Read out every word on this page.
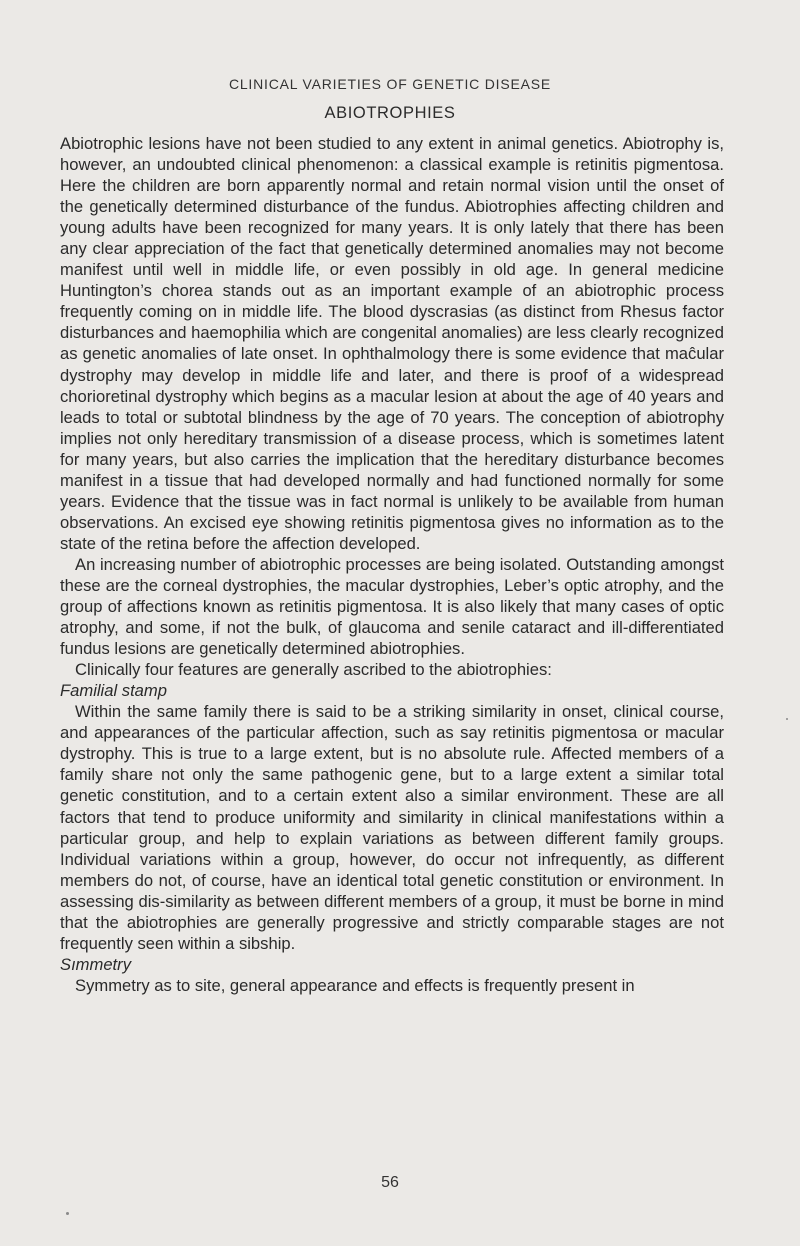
CLINICAL VARIETIES OF GENETIC DISEASE
ABIOTROPHIES

Abiotrophic lesions have not been studied to any extent in animal genetics. Abiotrophy is, however, an undoubted clinical phenomenon: a classical example is retinitis pigmentosa. Here the children are born apparently normal and retain normal vision until the onset of the genetically determined disturbance of the fundus. Abiotrophies affecting children and young adults have been recognized for many years. It is only lately that there has been any clear appreciation of the fact that genetically determined anomalies may not become manifest until well in middle life, or even possibly in old age. In general medicine Huntington’s chorea stands out as an important example of an abiotrophic process frequently coming on in middle life. The blood dyscrasias (as distinct from Rhesus factor disturbances and haemophilia which are congenital anomalies) are less clearly recognized as genetic anomalies of late onset. In ophthalmology there is some evidence that maĉular dystrophy may develop in middle life and later, and there is proof of a widespread chorioretinal dystrophy which begins as a macular lesion at about the age of 40 years and leads to total or subtotal blindness by the age of 70 years. The conception of abiotrophy implies not only hereditary transmission of a disease process, which is sometimes latent for many years, but also carries the implication that the hereditary disturbance becomes manifest in a tissue that had developed normally and had functioned normally for some years. Evidence that the tissue was in fact normal is unlikely to be available from human observations. An excised eye showing retinitis pigmentosa gives no information as to the state of the retina before the affection developed.

An increasing number of abiotrophic processes are being isolated. Outstanding amongst these are the corneal dystrophies, the macular dystrophies, Leber’s optic atrophy, and the group of affections known as retinitis pigmentosa. It is also likely that many cases of optic atrophy, and some, if not the bulk, of glaucoma and senile cataract and ill-differentiated fundus lesions are genetically determined abiotrophies.

Clinically four features are generally ascribed to the abiotrophies:

Familial stamp

Within the same family there is said to be a striking similarity in onset, clinical course, and appearances of the particular affection, such as say retinitis pigmentosa or macular dystrophy. This is true to a large extent, but is no absolute rule. Affected members of a family share not only the same pathogenic gene, but to a large extent a similar total genetic constitution, and to a certain extent also a similar environment. These are all factors that tend to produce uniformity and similarity in clinical manifestations within a particular group, and help to explain variations as between different family groups. Individual variations within a group, however, do occur not infrequently, as different members do not, of course, have an identical total genetic constitution or environment. In assessing dis-similarity as between different members of a group, it must be borne in mind that the abiotrophies are generally progressive and strictly comparable stages are not frequently seen within a sibship.

Sımmetry

Symmetry as to site, general appearance and effects is frequently present in

56
